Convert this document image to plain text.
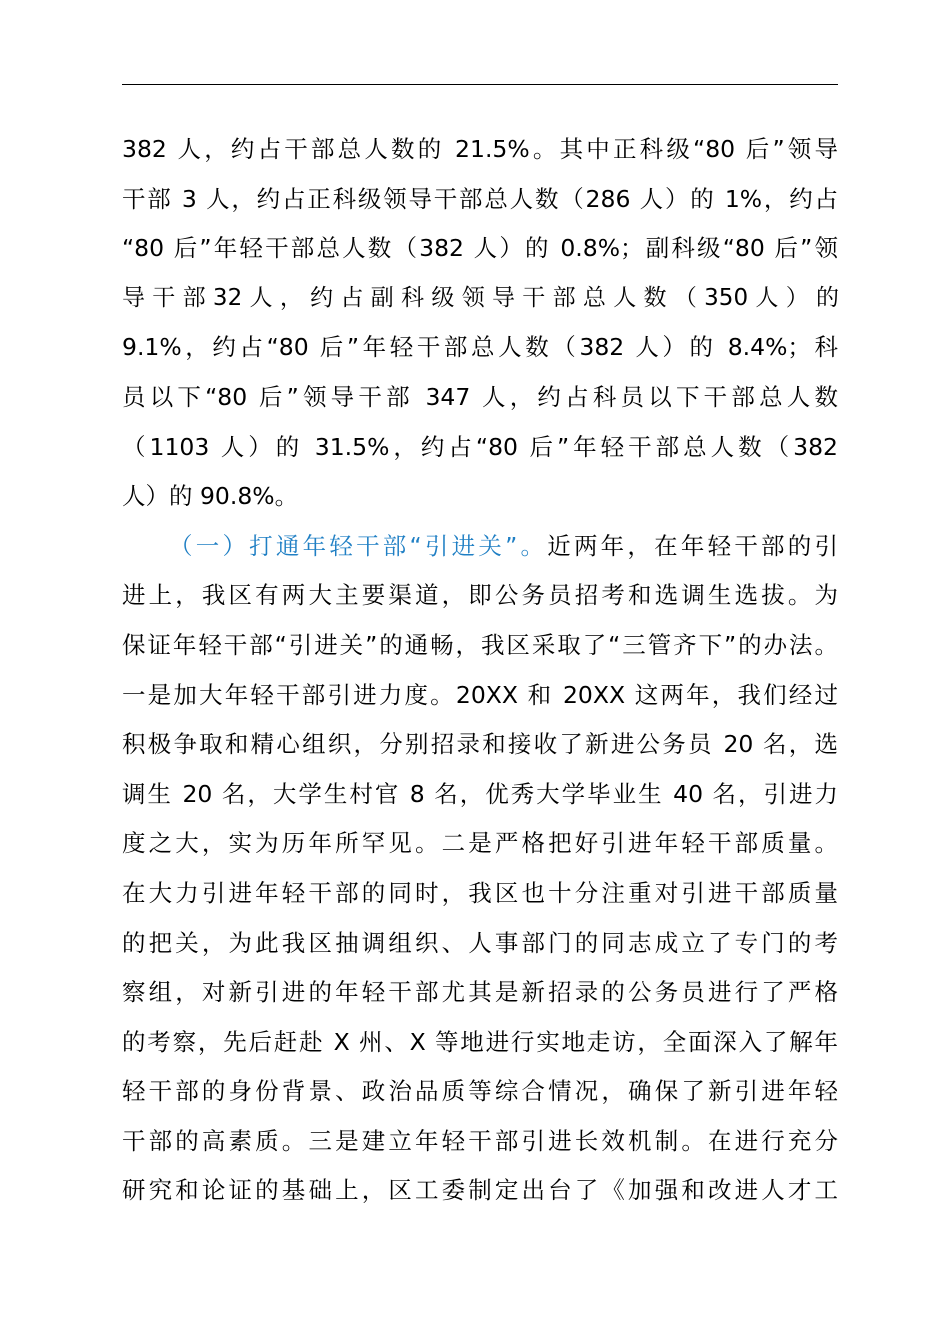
382 人，约占干部总人数的 21.5%。其中正科级“80 后”领导
干部 3 人，约占正科级领导干部总人数（286 人）的 1%，约占
“80 后”年轻干部总人数（382 人）的 0.8%；副科级“80 后”领
导 干 部 32 人 ， 约 占 副 科 级 领 导 干 部 总 人 数 （ 350 人 ） 的
9.1%，约占“80 后”年轻干部总人数（382 人）的 8.4%；科
员以下“80 后”领导干部 347 人，约占科员以下干部总人数
（1103 人）的 31.5%，约占“80 后”年轻干部总人数（382
人）的 90.8%。
（一）打通年轻干部“引进关”。近两年，在年轻干部的引
进上，我区有两大主要渠道，即公务员招考和选调生选拔。为
保证年轻干部“引进关”的通畅，我区采取了“三管齐下”的办法。
一是加大年轻干部引进力度。20XX 和 20XX 这两年，我们经过
积极争取和精心组织，分别招录和接收了新进公务员 20 名，选
调生 20 名，大学生村官 8 名，优秀大学毕业生 40 名，引进力
度之大，实为历年所罕见。二是严格把好引进年轻干部质量。
在大力引进年轻干部的同时，我区也十分注重对引进干部质量
的把关，为此我区抽调组织、人事部门的同志成立了专门的考
察组，对新引进的年轻干部尤其是新招录的公务员进行了严格
的考察，先后赶赴 X 州、X 等地进行实地走访，全面深入了解年
轻干部的身份背景、政治品质等综合情况，确保了新引进年轻
干部的高素质。三是建立年轻干部引进长效机制。在进行充分
研究和论证的基础上，区工委制定出台了《加强和改进人才工
